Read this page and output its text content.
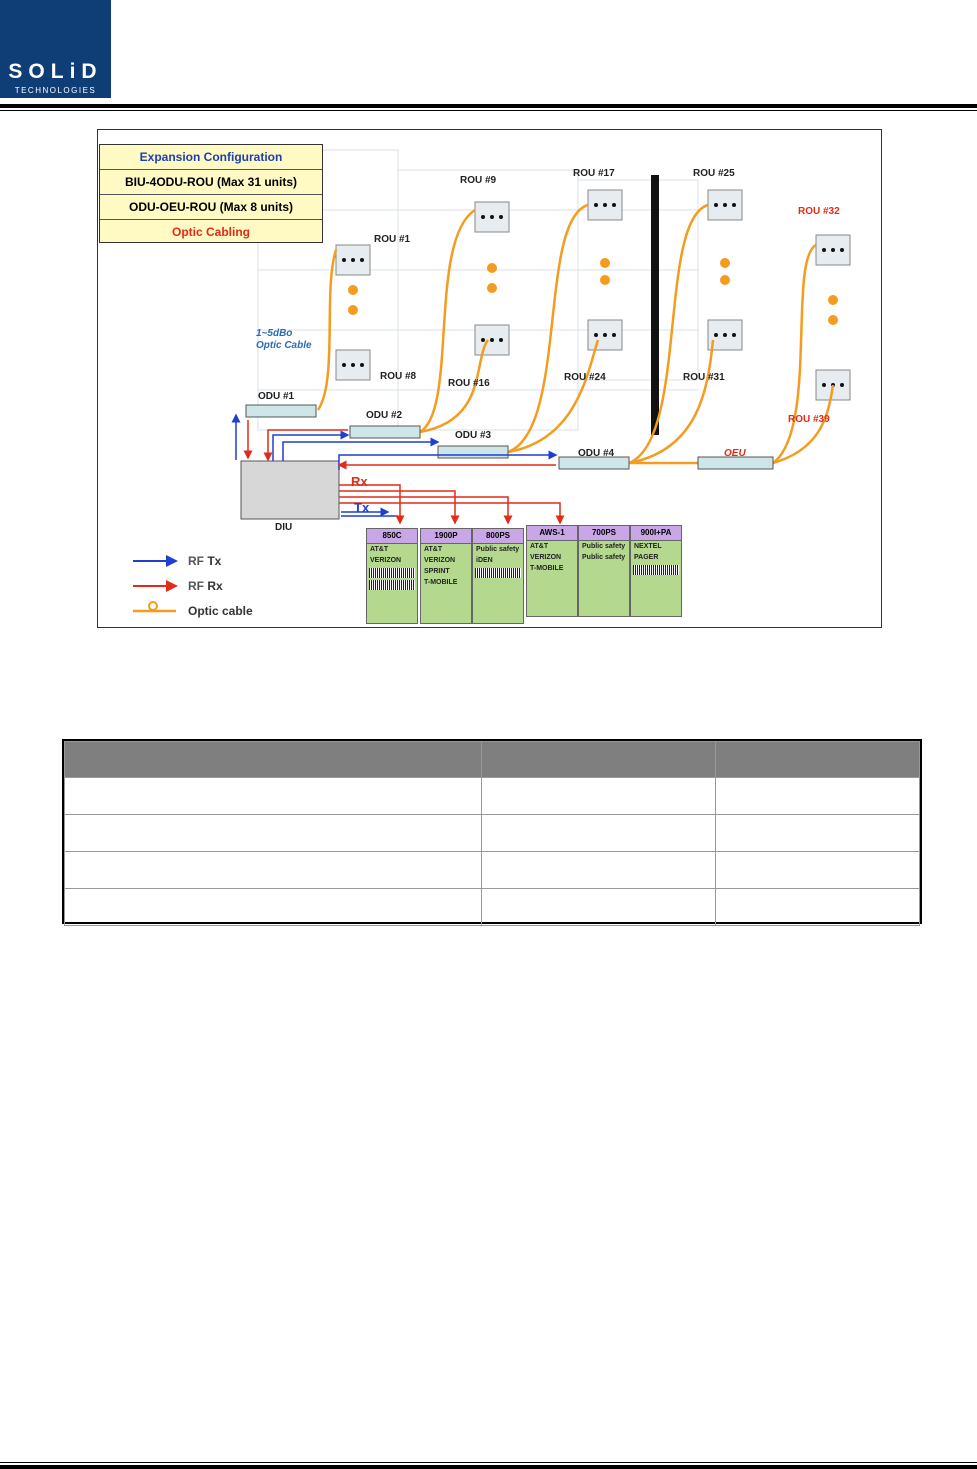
SOLiD
TECHNOLOGIES
Expansion Configuration
BIU-4ODU-ROU (Max 31 units)
ODU-OEU-ROU (Max 8 units)
Optic Cabling
ROU #1
ROU #8
ROU #9
ROU #16
ROU #17
ROU #24
ROU #25
ROU #31
ROU #32
ROU #39
ODU #1
ODU #2
ODU #3
ODU #4	OEU
DIU
1~5dBo
Optic Cable
Rx
Tx
RF Tx
RF Rx
Optic cable
850C
AT&T
VERIZON
1900P
AT&T
VERIZON
SPRINT
T-MOBILE
800PS
Public safety
iDEN
AWS-1
AT&T
VERIZON
T-MOBILE
700PS
Public safety
Public safety
900I+PA
NEXTEL
PAGER
